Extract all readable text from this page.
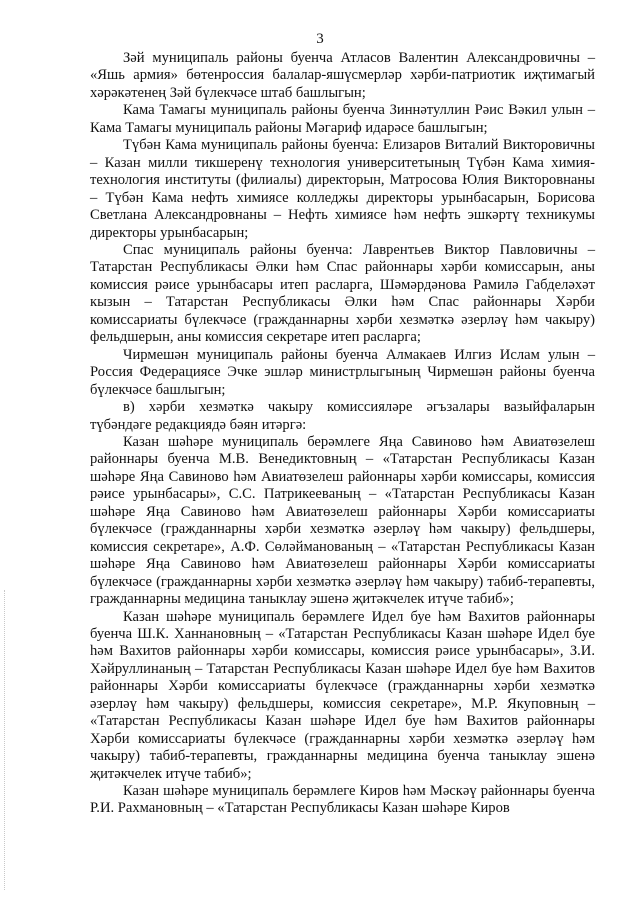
3

Зәй муниципаль районы буенча Атласов Валентин Александровичны – «Яшь армия» бөтенроссия балалар-яшүсмерләр хәрби-патриотик иҗтимагый хәрәкәтенең Зәй бүлекчәсе штаб башлыгын;

Кама Тамагы муниципаль районы буенча Зиннәтуллин Рәис Вәкил улын – Кама Тамагы муниципаль районы Мәгариф идарәсе башлыгын;

Түбән Кама муниципаль районы буенча: Елизаров Виталий Викторовичны – Казан милли тикшеренү технология университетының Түбән Кама химия-технология институты (филиалы) директорын, Матросова Юлия Викторовнаны – Түбән Кама нефть химиясе колледжы директоры урынбасарын, Борисова Светлана Александровнаны – Нефть химиясе һәм нефть эшкәртү техникумы директоры урынбасарын;

Спас муниципаль районы буенча: Лаврентьев Виктор Павловичны – Татарстан Республикасы Әлки һәм Спас районнары хәрби комиссарын, аны комиссия рәисе урынбасары итеп расларга, Шәмәрдәнова Рамилә Габделәхәт кызын – Татарстан Республикасы Әлки һәм Спас районнары Хәрби комиссариаты бүлекчәсе (гражданнарны хәрби хезмәткә әзерләү һәм чакыру) фельдшерын, аны комиссия секретаре итеп расларга;

Чирмешән муниципаль районы буенча Алмакаев Илгиз Ислам улын – Россия Федерациясе Эчке эшләр министрлыгының Чирмешән районы буенча бүлекчәсе башлыгын;

в) хәрби хезмәткә чакыру комиссияләре әгъзалары вазыйфаларын түбәндәге редакциядә бәян итәргә:

Казан шәһәре муниципаль берәмлеге Яңа Савиново һәм Авиатөзелеш районнары буенча М.В. Венедиктовның – «Татарстан Республикасы Казан шәһәре Яңа Савиново һәм Авиатөзелеш районнары хәрби комиссары, комиссия рәисе урынбасары», С.С. Патрикеевaның – «Татарстан Республикасы Казан шәһәре Яңа Савиново һәм Авиатөзелеш районнары Хәрби комиссариаты бүлекчәсе (гражданнарны хәрби хезмәткә әзерләү һәм чакыру) фельдшеры, комиссия секретаре», А.Ф. Сөләймановaның – «Татарстан Республикасы Казан шәһәре Яңа Савиново һәм Авиатөзелеш районнары Хәрби комиссариаты бүлекчәсе (гражданнарны хәрби хезмәткә әзерләү һәм чакыру) табиб-терапевты, гражданнарны медицина таныклау эшенә җитәкчелек итүче табиб»;

Казан шәһәре муниципаль берәмлеге Идел буе һәм Вахитов районнары буенча Ш.К. Ханнановның – «Татарстан Республикасы Казан шәһәре Идел буе һәм Вахитов районнары хәрби комиссары, комиссия рәисе урынбасары», З.И. Хәйруллинаның – Татарстан Республикасы Казан шәһәре Идел буе һәм Вахитов районнары Хәрби комиссариаты бүлекчәсе (гражданнарны хәрби хезмәткә әзерләү һәм чакыру) фельдшеры, комиссия секретаре», М.Р. Якуповның – «Татарстан Республикасы Казан шәһәре Идел буе һәм Вахитов районнары Хәрби комиссариаты бүлекчәсе (гражданнарны хәрби хезмәткә әзерләү һәм чакыру) табиб-терапевты, гражданнарны медицина буенча таныклау эшенә җитәкчелек итүче табиб»;

Казан шәһәре муниципаль берәмлеге Киров һәм Мәскәү районнары буенча Р.И. Рахмановның – «Татарстан Республикасы Казан шәһәре Киров
